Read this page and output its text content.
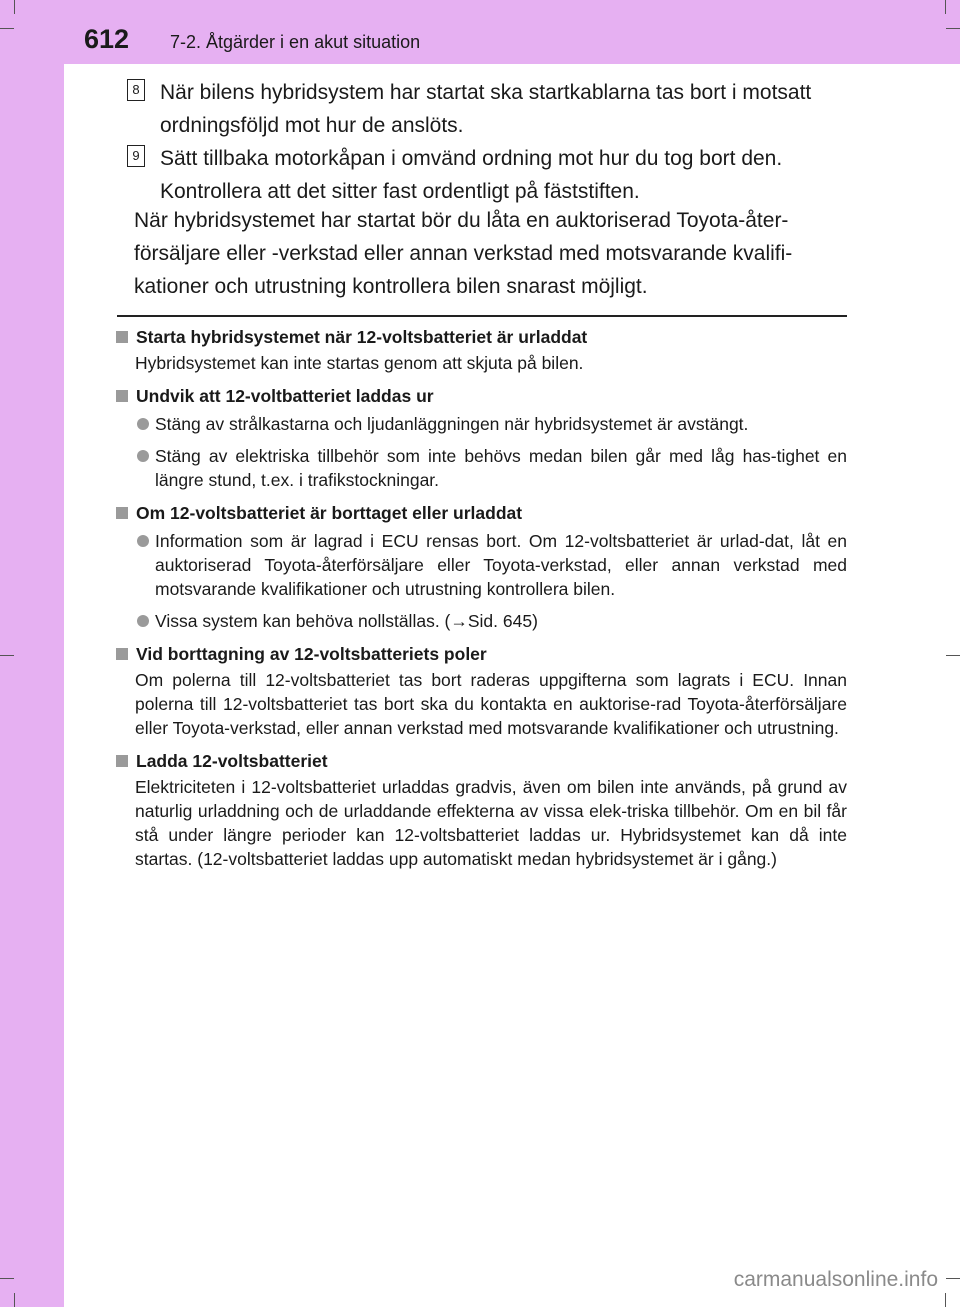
612 7-2. Åtgärder i en akut situation
8 När bilens hybridsystem har startat ska startkablarna tas bort i motsatt ordningsföljd mot hur de anslöts.
9 Sätt tillbaka motorkåpan i omvänd ordning mot hur du tog bort den. Kontrollera att det sitter fast ordentligt på fäststiften.
När hybridsystemet har startat bör du låta en auktoriserad Toyota-åter-försäljare eller -verkstad eller annan verkstad med motsvarande kvalifi-kationer och utrustning kontrollera bilen snarast möjligt.
Starta hybridsystemet när 12-voltsbatteriet är urladdat
Hybridsystemet kan inte startas genom att skjuta på bilen.
Undvik att 12-voltbatteriet laddas ur
Stäng av strålkastarna och ljudanläggningen när hybridsystemet är avstängt.
Stäng av elektriska tillbehör som inte behövs medan bilen går med låg has-tighet en längre stund, t.ex. i trafikstockningar.
Om 12-voltsbatteriet är borttaget eller urladdat
Information som är lagrad i ECU rensas bort. Om 12-voltsbatteriet är urlad-dat, låt en auktoriserad Toyota-återförsäljare eller Toyota-verkstad, eller annan verkstad med motsvarande kvalifikationer och utrustning kontrollera bilen.
Vissa system kan behöva nollställas. (→Sid. 645)
Vid borttagning av 12-voltsbatteriets poler
Om polerna till 12-voltsbatteriet tas bort raderas uppgifterna som lagrats i ECU. Innan polerna till 12-voltsbatteriet tas bort ska du kontakta en auktorise-rad Toyota-återförsäljare eller Toyota-verkstad, eller annan verkstad med motsvarande kvalifikationer och utrustning.
Ladda 12-voltsbatteriet
Elektriciteten i 12-voltsbatteriet urladdas gradvis, även om bilen inte används, på grund av naturlig urladdning och de urladdande effekterna av vissa elek-triska tillbehör. Om en bil får stå under längre perioder kan 12-voltsbatteriet laddas ur. Hybridsystemet kan då inte startas. (12-voltsbatteriet laddas upp automatiskt medan hybridsystemet är i gång.)
carmanualsonline.info
